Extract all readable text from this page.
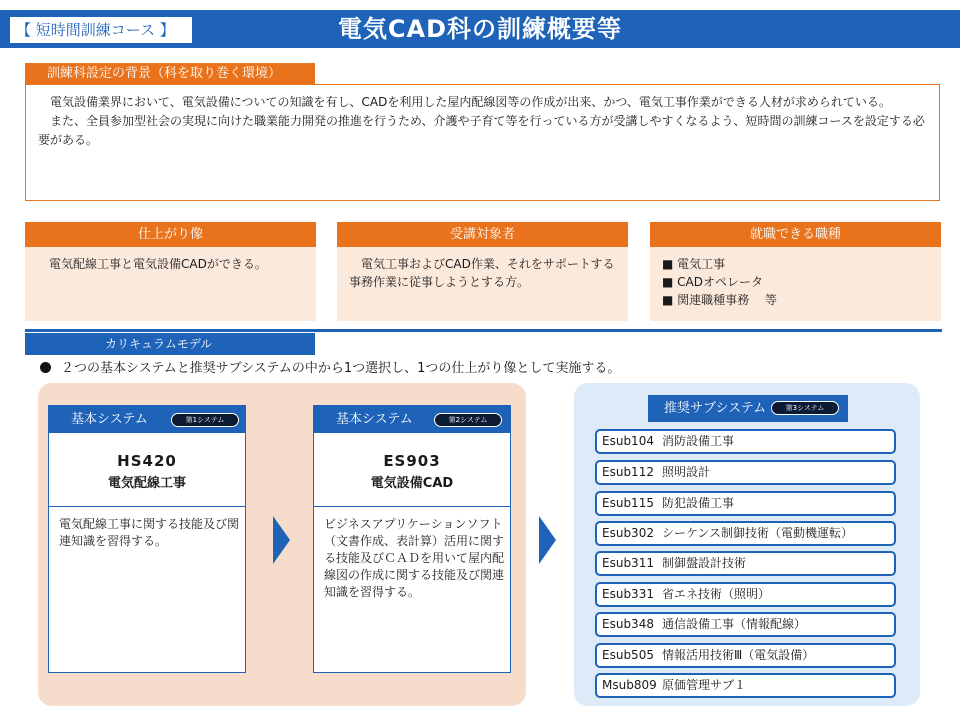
【 短時間訓練コース 】	電気CAD科の訓練概要等
訓練科設定の背景（科を取り巻く環境）

電気設備業界において、電気設備についての知識を有し、CADを利用した屋内配線図等の作成が出来、かつ、電気工事作業ができる人材が求められている。

また、全員参加型社会の実現に向けた職業能力開発の推進を行うため、介護や子育て等を行っている方が受講しやすくなるよう、短時間の訓練コースを設定する必要がある。

仕上がり像
電気配線工事と電気設備CADができる。
受講対象者
電気工事およびCAD作業、それをサポートする事務作業に従事しようとする方。
就職できる職種
■ 電気工事
■ CADオペレータ
■ 関連職種事務　 等
カリキュラムモデル
２つの基本システムと推奨サブシステムの中から1つ選択し、1つの仕上がり像として実施する。
基本システム	第1システム
HS420
電気配線工事
電気配線工事に関する技能及び関連知識を習得する。
基本システム	第2システム
ES903
電気設備CAD
ビジネスアプリケーションソフト（文書作成、表計算）活用に関する技能及びＣＡＤを用いて屋内配線図の作成に関する技能及び関連知識を習得する。
推奨サブシステム	第3システム
Esub104 消防設備工事
Esub112 照明設計
Esub115 防犯設備工事
Esub302 シーケンス制御技術（電動機運転）
Esub311 制御盤設計技術
Esub331 省エネ技術（照明）
Esub348 通信設備工事（情報配線）
Esub505 情報活用技術Ⅲ（電気設備）
Msub809 原価管理サブ１
